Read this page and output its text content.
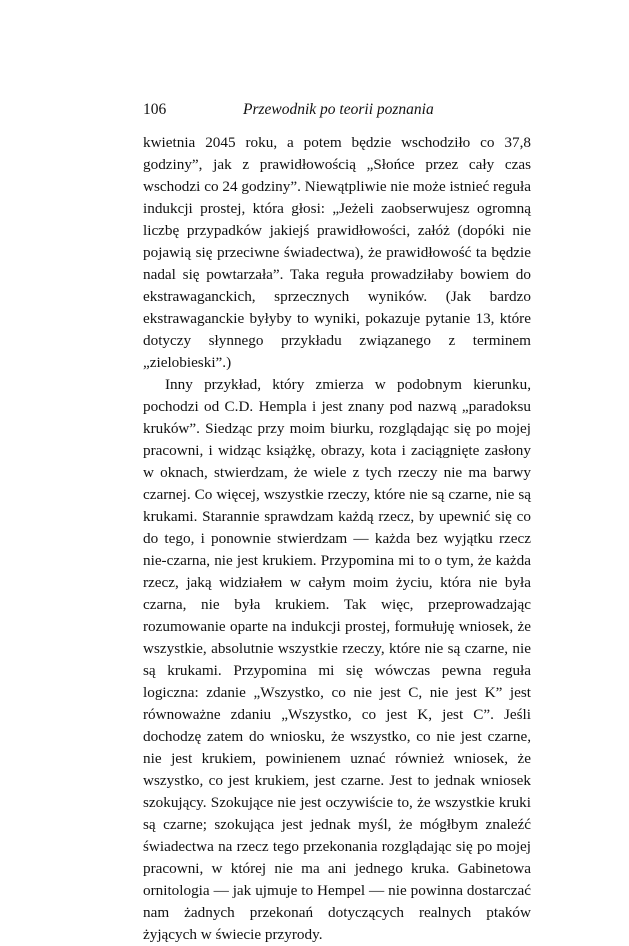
106	Przewodnik po teorii poznania

kwietnia 2045 roku, a potem będzie wschodziło co 37,8 godziny”, jak z prawidłowością „Słońce przez cały czas wschodzi co 24 godziny”. Niewątpliwie nie może istnieć reguła indukcji prostej, która głosi: „Jeżeli zaobserwujesz ogromną liczbę przypadków jakiejś prawidłowości, załóż (dopóki nie pojawią się przeciwne świadectwa), że prawidłowość ta będzie nadal się powtarzała”. Taka reguła prowadziłaby bowiem do ekstrawaganckich, sprzecznych wyników. (Jak bardzo ekstrawaganckie byłyby to wyniki, pokazuje pytanie 13, które dotyczy słynnego przykładu związanego z terminem „zielobieski”.)

Inny przykład, który zmierza w podobnym kierunku, pochodzi od C.D. Hempla i jest znany pod nazwą „paradoksu kruków”. Siedząc przy moim biurku, rozglądając się po mojej pracowni, i widząc książkę, obrazy, kota i zaciągnięte zasłony w oknach, stwierdzam, że wiele z tych rzeczy nie ma barwy czarnej. Co więcej, wszystkie rzeczy, które nie są czarne, nie są krukami. Starannie sprawdzam każdą rzecz, by upewnić się co do tego, i ponownie stwierdzam — każda bez wyjątku rzecz nie-czarna, nie jest krukiem. Przypomina mi to o tym, że każda rzecz, jaką widziałem w całym moim życiu, która nie była czarna, nie była krukiem. Tak więc, przeprowadzając rozumowanie oparte na indukcji prostej, formułuję wniosek, że wszystkie, absolutnie wszystkie rzeczy, które nie są czarne, nie są krukami. Przypomina mi się wówczas pewna reguła logiczna: zdanie „Wszystko, co nie jest C, nie jest K” jest równoważne zdaniu „Wszystko, co jest K, jest C”. Jeśli dochodzę zatem do wniosku, że wszystko, co nie jest czarne, nie jest krukiem, powinienem uznać również wniosek, że wszystko, co jest krukiem, jest czarne. Jest to jednak wniosek szokujący. Szokujące nie jest oczywiście to, że wszystkie kruki są czarne; szokująca jest jednak myśl, że mógłbym znaleźć świadectwa na rzecz tego przekonania rozglądając się po mojej pracowni, w której nie ma ani jednego kruka. Gabinetowa ornitologia — jak ujmuje to Hempel — nie powinna dostarczać nam żadnych przekonań dotyczących realnych ptaków żyjących w świecie przyrody.
